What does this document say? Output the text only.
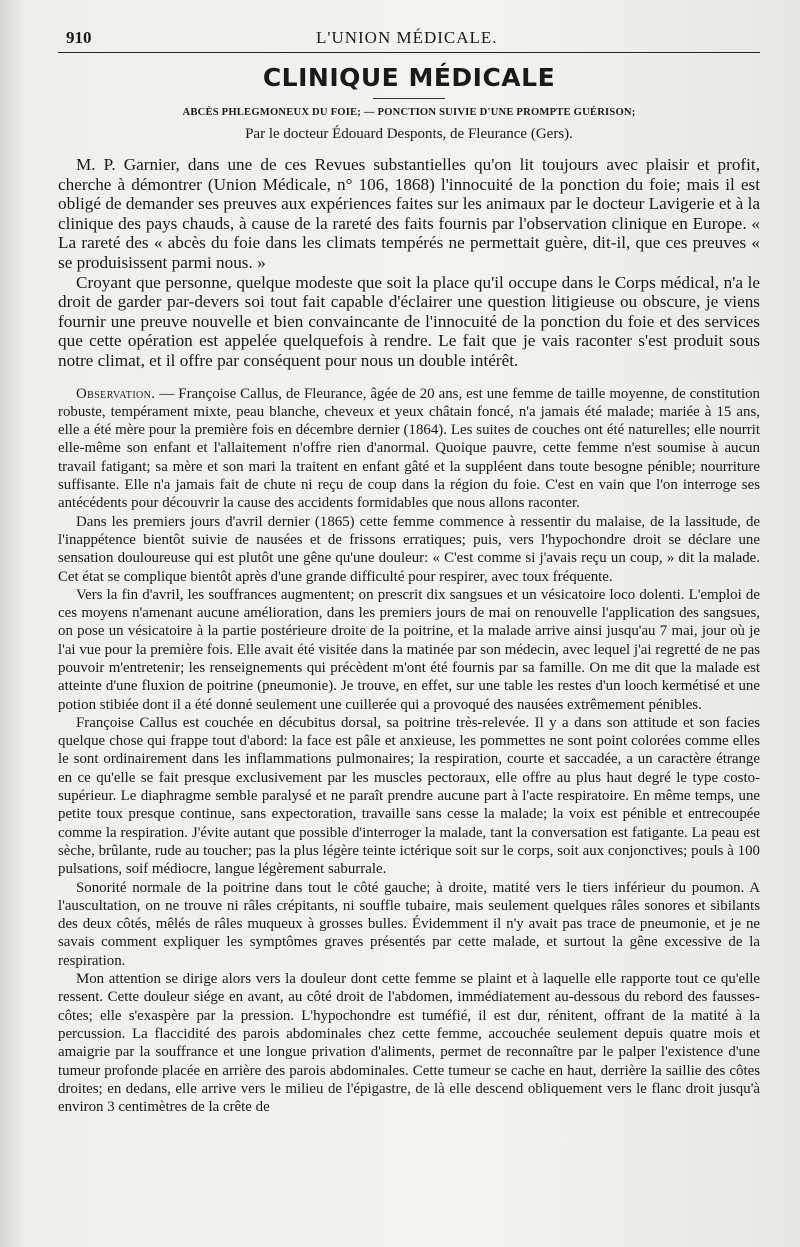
910	L'UNION MÉDICALE.
CLINIQUE MÉDICALE
ABCÈS PHLEGMONEUX DU FOIE; — PONCTION SUIVIE D'UNE PROMPTE GUÉRISON;
Par le docteur Édouard Desponts, de Fleurance (Gers).

M. P. Garnier, dans une de ces Revues substantielles qu'on lit toujours avec plaisir et profit, cherche à démontrer (Union Médicale, n° 106, 1868) l'innocuité de la ponction du foie; mais il est obligé de demander ses preuves aux expériences faites sur les animaux par le docteur Lavigerie et à la clinique des pays chauds, à cause de la rareté des faits fournis par l'observation clinique en Europe. « La rareté des « abcès du foie dans les climats tempérés ne permettait guère, dit-il, que ces preuves « se produisissent parmi nous. »

Croyant que personne, quelque modeste que soit la place qu'il occupe dans le Corps médical, n'a le droit de garder par-devers soi tout fait capable d'éclairer une question litigieuse ou obscure, je viens fournir une preuve nouvelle et bien convaincante de l'innocuité de la ponction du foie et des services que cette opération est appelée quelquefois à rendre. Le fait que je vais raconter s'est produit sous notre climat, et il offre par conséquent pour nous un double intérêt.

Observation. — Françoise Callus, de Fleurance, âgée de 20 ans, est une femme de taille moyenne, de constitution robuste, tempérament mixte, peau blanche, cheveux et yeux châtain foncé, n'a jamais été malade; mariée à 15 ans, elle a été mère pour la première fois en décembre dernier (1864). Les suites de couches ont été naturelles; elle nourrit elle-même son enfant et l'allaitement n'offre rien d'anormal. Quoique pauvre, cette femme n'est soumise à aucun travail fatigant; sa mère et son mari la traitent en enfant gâté et la suppléent dans toute besogne pénible; nourriture suffisante. Elle n'a jamais fait de chute ni reçu de coup dans la région du foie. C'est en vain que l'on interroge ses antécédents pour découvrir la cause des accidents formidables que nous allons raconter.

Dans les premiers jours d'avril dernier (1865) cette femme commence à ressentir du malaise, de la lassitude, de l'inappétence bientôt suivie de nausées et de frissons erratiques; puis, vers l'hypochondre droit se déclare une sensation douloureuse qui est plutôt une gêne qu'une douleur: « C'est comme si j'avais reçu un coup, » dit la malade. Cet état se complique bientôt après d'une grande difficulté pour respirer, avec toux fréquente.

Vers la fin d'avril, les souffrances augmentent; on prescrit dix sangsues et un vésicatoire loco dolenti. L'emploi de ces moyens n'amenant aucune amélioration, dans les premiers jours de mai on renouvelle l'application des sangsues, on pose un vésicatoire à la partie postérieure droite de la poitrine, et la malade arrive ainsi jusqu'au 7 mai, jour où je l'ai vue pour la première fois. Elle avait été visitée dans la matinée par son médecin, avec lequel j'ai regretté de ne pas pouvoir m'entretenir; les renseignements qui précèdent m'ont été fournis par sa famille. On me dit que la malade est atteinte d'une fluxion de poitrine (pneumonie). Je trouve, en effet, sur une table les restes d'un looch kermétisé et une potion stibiée dont il a été donné seulement une cuillerée qui a provoqué des nausées extrêmement pénibles.

Françoise Callus est couchée en décubitus dorsal, sa poitrine très-relevée. Il y a dans son attitude et son facies quelque chose qui frappe tout d'abord: la face est pâle et anxieuse, les pommettes ne sont point colorées comme elles le sont ordinairement dans les inflammations pulmonaires; la respiration, courte et saccadée, a un caractère étrange en ce qu'elle se fait presque exclusivement par les muscles pectoraux, elle offre au plus haut degré le type costo-supérieur. Le diaphragme semble paralysé et ne paraît prendre aucune part à l'acte respiratoire. En même temps, une petite toux presque continue, sans expectoration, travaille sans cesse la malade; la voix est pénible et entrecoupée comme la respiration. J'évite autant que possible d'interroger la malade, tant la conversation est fatigante. La peau est sèche, brûlante, rude au toucher; pas la plus légère teinte ictérique soit sur le corps, soit aux conjonctives; pouls à 100 pulsations, soif médiocre, langue légèrement saburrale.

Sonorité normale de la poitrine dans tout le côté gauche; à droite, matité vers le tiers inférieur du poumon. A l'auscultation, on ne trouve ni râles crépitants, ni souffle tubaire, mais seulement quelques râles sonores et sibilants des deux côtés, mêlés de râles muqueux à grosses bulles. Évidemment il n'y avait pas trace de pneumonie, et je ne savais comment expliquer les symptômes graves présentés par cette malade, et surtout la gêne excessive de la respiration.

Mon attention se dirige alors vers la douleur dont cette femme se plaint et à laquelle elle rapporte tout ce qu'elle ressent. Cette douleur siége en avant, au côté droit de l'abdomen, immédiatement au-dessous du rebord des fausses-côtes; elle s'exaspère par la pression. L'hypochondre est tuméfié, il est dur, rénitent, offrant de la matité à la percussion. La flaccidité des parois abdominales chez cette femme, accouchée seulement depuis quatre mois et amaigrie par la souffrance et une longue privation d'aliments, permet de reconnaître par le palper l'existence d'une tumeur profonde placée en arrière des parois abdominales. Cette tumeur se cache en haut, derrière la saillie des côtes droites; en dedans, elle arrive vers le milieu de l'épigastre, de là elle descend obliquement vers le flanc droit jusqu'à environ 3 centimètres de la crête de
